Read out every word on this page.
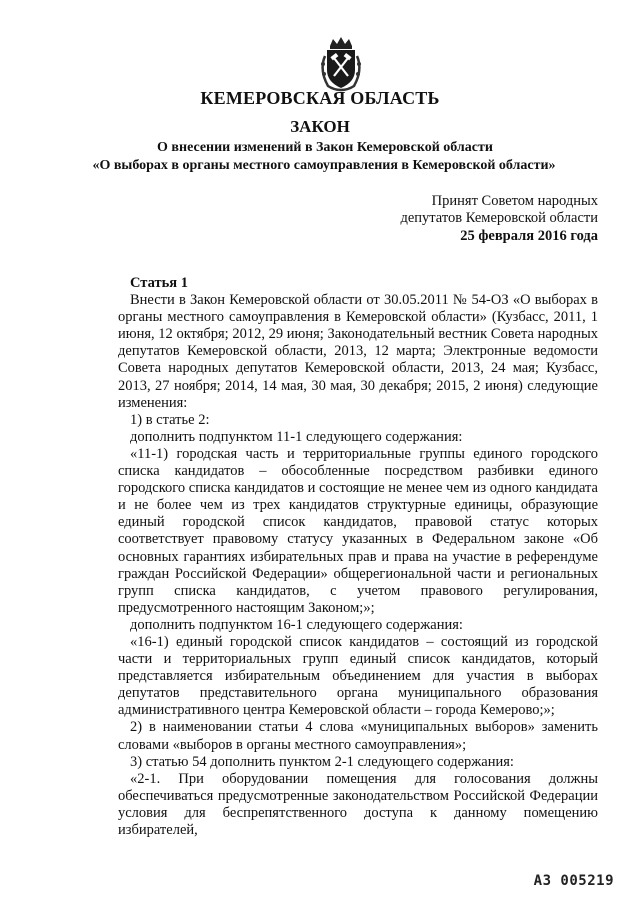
КЕМЕРОВСКАЯ ОБЛАСТЬ
ЗАКОН
О внесении изменений в Закон Кемеровской области
«О выборах в органы местного самоуправления в Кемеровской области»
Принят Советом народных
депутатов Кемеровской области
25 февраля 2016 года

Статья 1

Внести в Закон Кемеровской области от 30.05.2011 № 54-ОЗ «О выборах в органы местного самоуправления в Кемеровской области» (Кузбасс, 2011, 1 июня, 12 октября; 2012, 29 июня; Законодательный вестник Совета народных депутатов Кемеровской области, 2013, 12 марта; Электронные ведомости Совета народных депутатов Кемеровской области, 2013, 24 мая; Кузбасс, 2013, 27 ноября; 2014, 14 мая, 30 мая, 30 декабря; 2015, 2 июня) следующие изменения:

1) в статье 2:

дополнить подпунктом 11-1 следующего содержания:

«11-1) городская часть и территориальные группы единого городского списка кандидатов – обособленные посредством разбивки единого городского списка кандидатов и состоящие не менее чем из одного кандидата и не более чем из трех кандидатов структурные единицы, образующие единый городской список кандидатов, правовой статус которых соответствует правовому статусу указанных в Федеральном законе «Об основных гарантиях избирательных прав и права на участие в референдуме граждан Российской Федерации» общерегиональной части и региональных групп списка кандидатов, с учетом правового регулирования, предусмотренного настоящим Законом;»;

дополнить подпунктом 16-1 следующего содержания:

«16-1) единый городской список кандидатов – состоящий из городской части и территориальных групп единый список кандидатов, который представляется избирательным объединением для участия в выборах депутатов представительного органа муниципального образования административного центра Кемеровской области – города Кемерово;»;

2) в наименовании статьи 4 слова «муниципальных выборов» заменить словами «выборов в органы местного самоуправления»;

3) статью 54 дополнить пунктом 2-1 следующего содержания:

«2-1. При оборудовании помещения для голосования должны обеспечиваться предусмотренные законодательством Российской Федерации условия для беспрепятственного доступа к данному помещению избирателей,

АЗ 005219
